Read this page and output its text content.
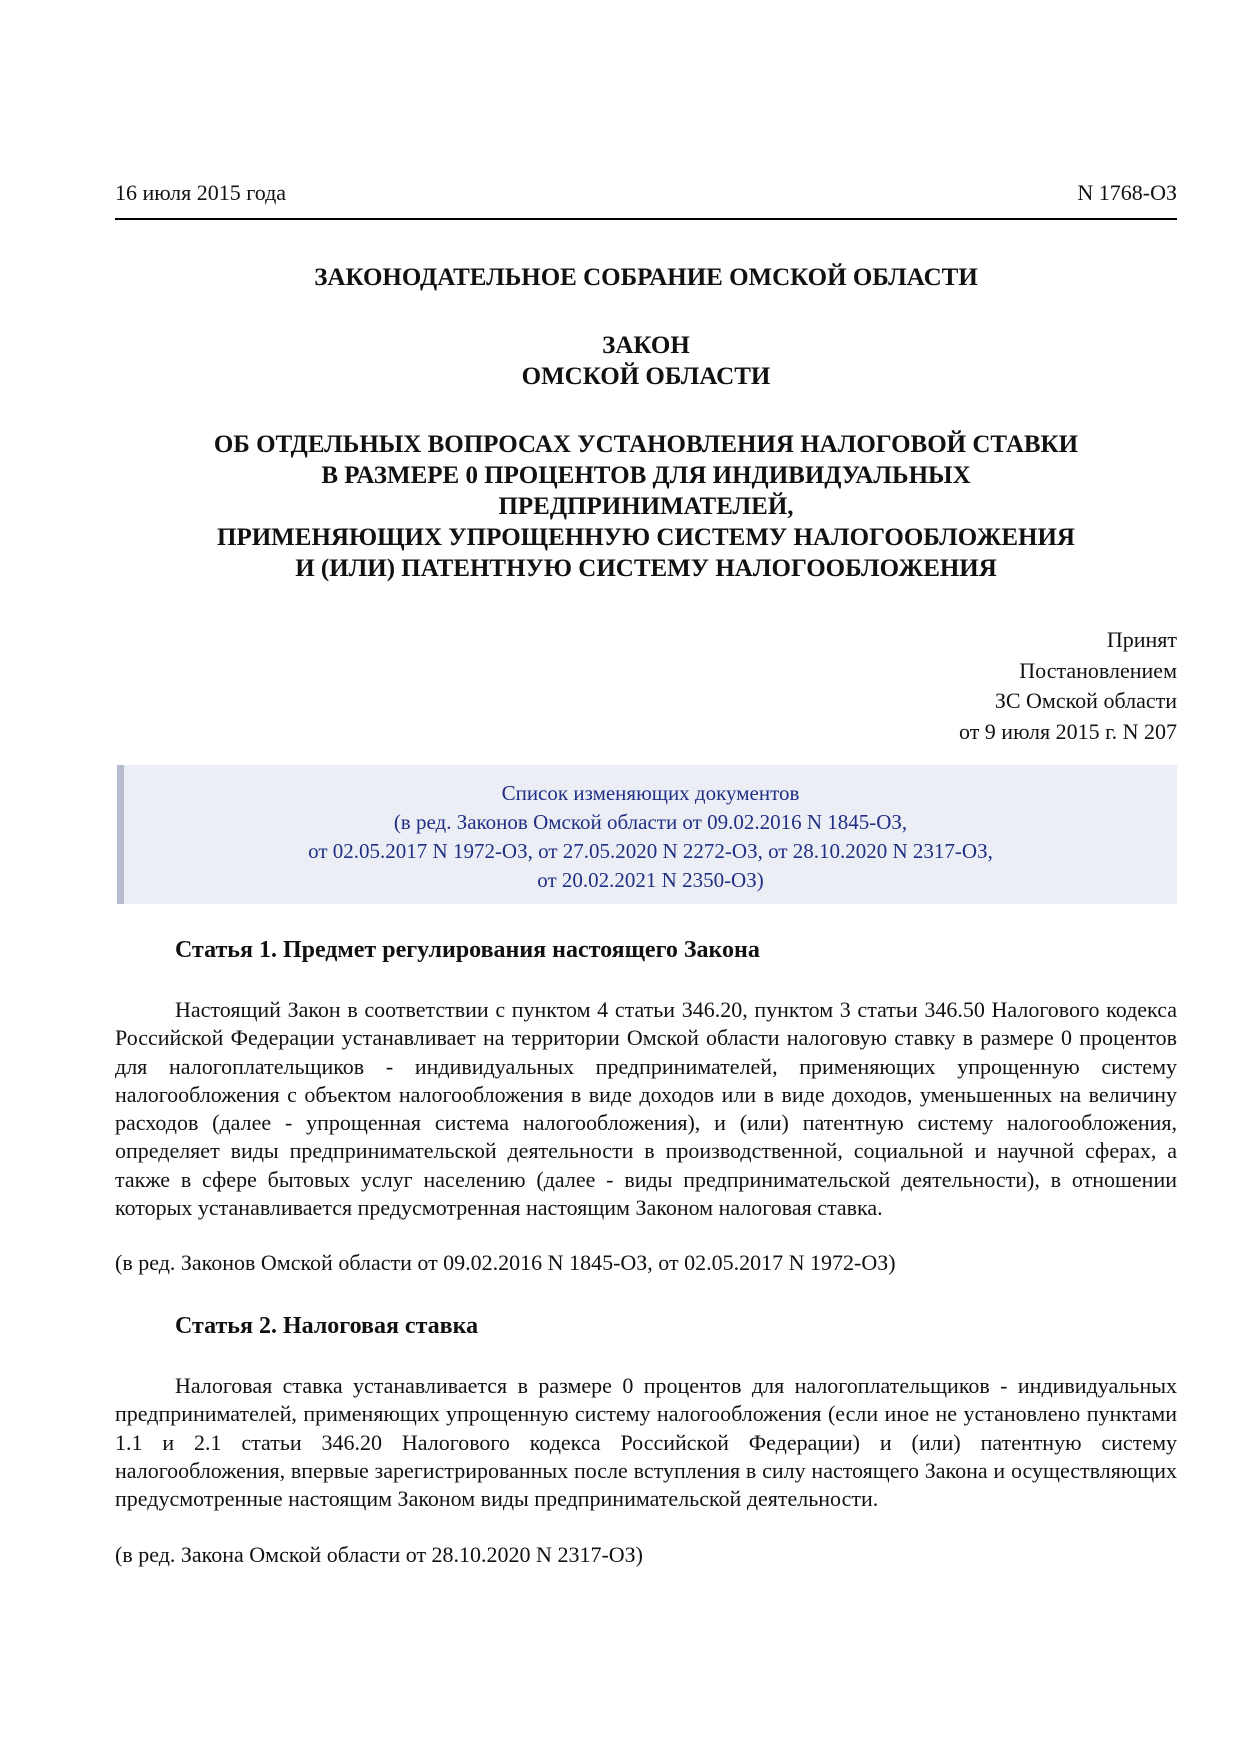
16 июля 2015 года	N 1768-ОЗ
ЗАКОНОДАТЕЛЬНОЕ СОБРАНИЕ ОМСКОЙ ОБЛАСТИ
ЗАКОН
ОМСКОЙ ОБЛАСТИ
ОБ ОТДЕЛЬНЫХ ВОПРОСАХ УСТАНОВЛЕНИЯ НАЛОГОВОЙ СТАВКИ
В РАЗМЕРЕ 0 ПРОЦЕНТОВ ДЛЯ ИНДИВИДУАЛЬНЫХ
ПРЕДПРИНИМАТЕЛЕЙ,
ПРИМЕНЯЮЩИХ УПРОЩЕННУЮ СИСТЕМУ НАЛОГООБЛОЖЕНИЯ
И (ИЛИ) ПАТЕНТНУЮ СИСТЕМУ НАЛОГООБЛОЖЕНИЯ
Принят
Постановлением
ЗС Омской области
от 9 июля 2015 г. N 207
Список изменяющих документов
(в ред. Законов Омской области от 09.02.2016 N 1845-ОЗ,
от 02.05.2017 N 1972-ОЗ, от 27.05.2020 N 2272-ОЗ, от 28.10.2020 N 2317-ОЗ,
от 20.02.2021 N 2350-ОЗ)
Статья 1. Предмет регулирования настоящего Закона
Настоящий Закон в соответствии с пунктом 4 статьи 346.20, пунктом 3 статьи 346.50 Налогового кодекса Российской Федерации устанавливает на территории Омской области налоговую ставку в размере 0 процентов для налогоплательщиков - индивидуальных предпринимателей, применяющих упрощенную систему налогообложения с объектом налогообложения в виде доходов или в виде доходов, уменьшенных на величину расходов (далее - упрощенная система налогообложения), и (или) патентную систему налогообложения, определяет виды предпринимательской деятельности в производственной, социальной и научной сферах, а также в сфере бытовых услуг населению (далее - виды предпринимательской деятельности), в отношении которых устанавливается предусмотренная настоящим Законом налоговая ставка.
(в ред. Законов Омской области от 09.02.2016 N 1845-ОЗ, от 02.05.2017 N 1972-ОЗ)
Статья 2. Налоговая ставка
Налоговая ставка устанавливается в размере 0 процентов для налогоплательщиков - индивидуальных предпринимателей, применяющих упрощенную систему налогообложения (если иное не установлено пунктами 1.1 и 2.1 статьи 346.20 Налогового кодекса Российской Федерации) и (или) патентную систему налогообложения, впервые зарегистрированных после вступления в силу настоящего Закона и осуществляющих предусмотренные настоящим Законом виды предпринимательской деятельности.
(в ред. Закона Омской области от 28.10.2020 N 2317-ОЗ)
